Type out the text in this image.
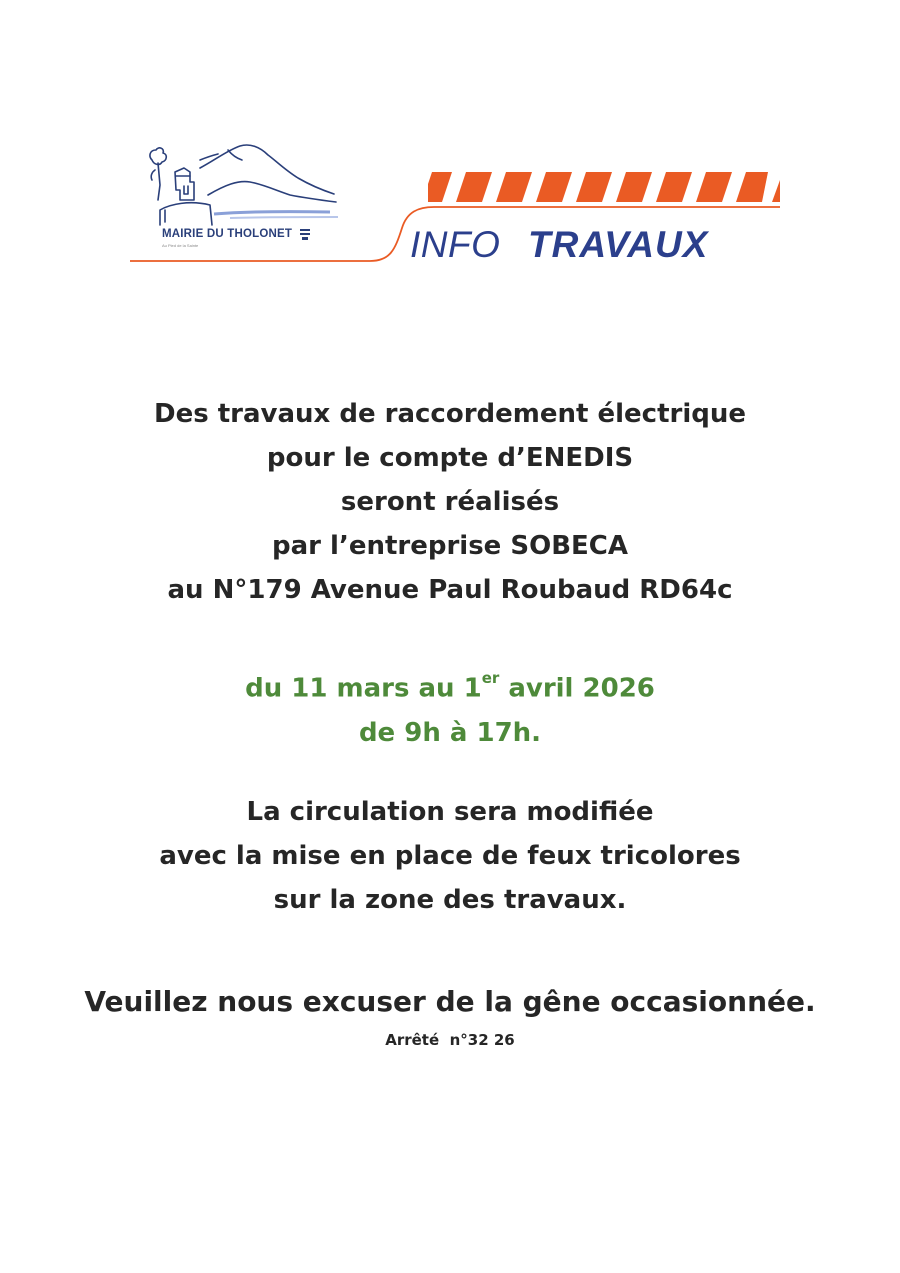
MAIRIE DU THOLONET
Au Pied de la Sainte	INFO TRAVAUX
Des travaux de raccordement électrique
pour le compte d’ENEDIS
seront réalisés
par l’entreprise SOBECA
au N°179 Avenue Paul Roubaud RD64c
du 11 mars au 1er avril 2026
de 9h à 17h.
La circulation sera modifiée
avec la mise en place de feux tricolores
sur la zone des travaux.
Veuillez nous excuser de la gêne occasionnée.
Arrêté  n°32 26
